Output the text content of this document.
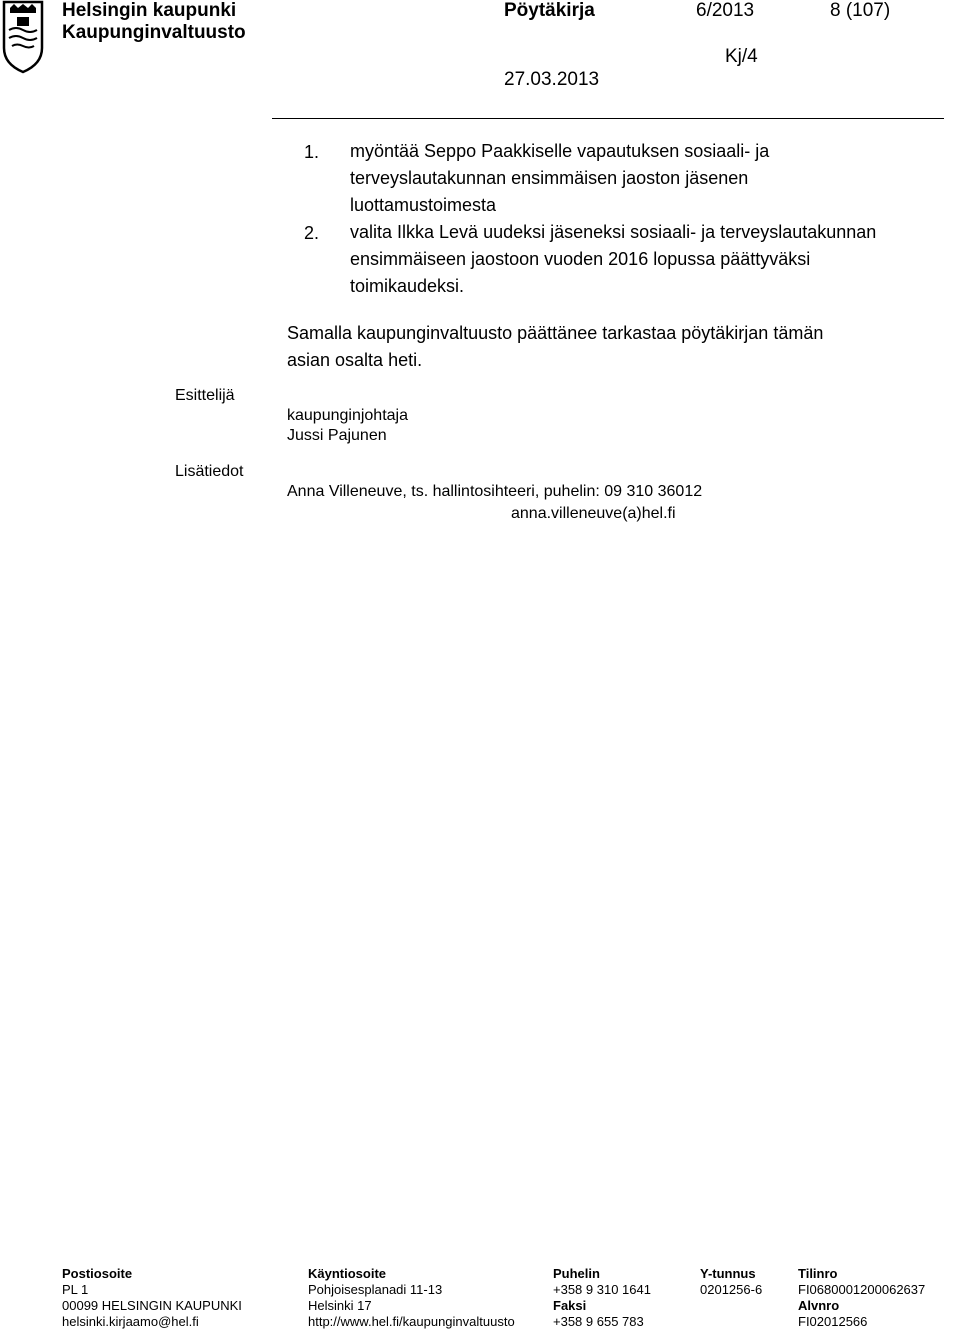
Helsingin kaupunki
Kaupunginvaltuusto
Pöytäkirja	6/2013	8 (107)
Kj/4
27.03.2013
1. myöntää Seppo Paakkiselle vapautuksen sosiaali- ja
terveyslautakunnan ensimmäisen jaoston jäsenen
luottamustoimesta
2. valita Ilkka Levä uudeksi jäseneksi sosiaali- ja terveyslautakunnan
ensimmäiseen jaostoon vuoden 2016 lopussa päättyväksi
toimikaudeksi.
Samalla kaupunginvaltuusto päättänee tarkastaa pöytäkirjan tämän
asian osalta heti.
Esittelijä
kaupunginjohtaja
Jussi Pajunen
Lisätiedot
Anna Villeneuve, ts. hallintosihteeri, puhelin: 09 310 36012
anna.villeneuve(a)hel.fi
Postiosoite
PL 1
00099 HELSINGIN KAUPUNKI
helsinki.kirjaamo@hel.fi
Käyntiosoite
Pohjoisesplanadi 11-13
Helsinki 17
http://www.hel.fi/kaupunginvaltuusto
Puhelin
+358 9 310 1641
Faksi
+358 9 655 783
Y-tunnus
0201256-6
Tilinro
FI0680001200062637
Alvnro
FI02012566
